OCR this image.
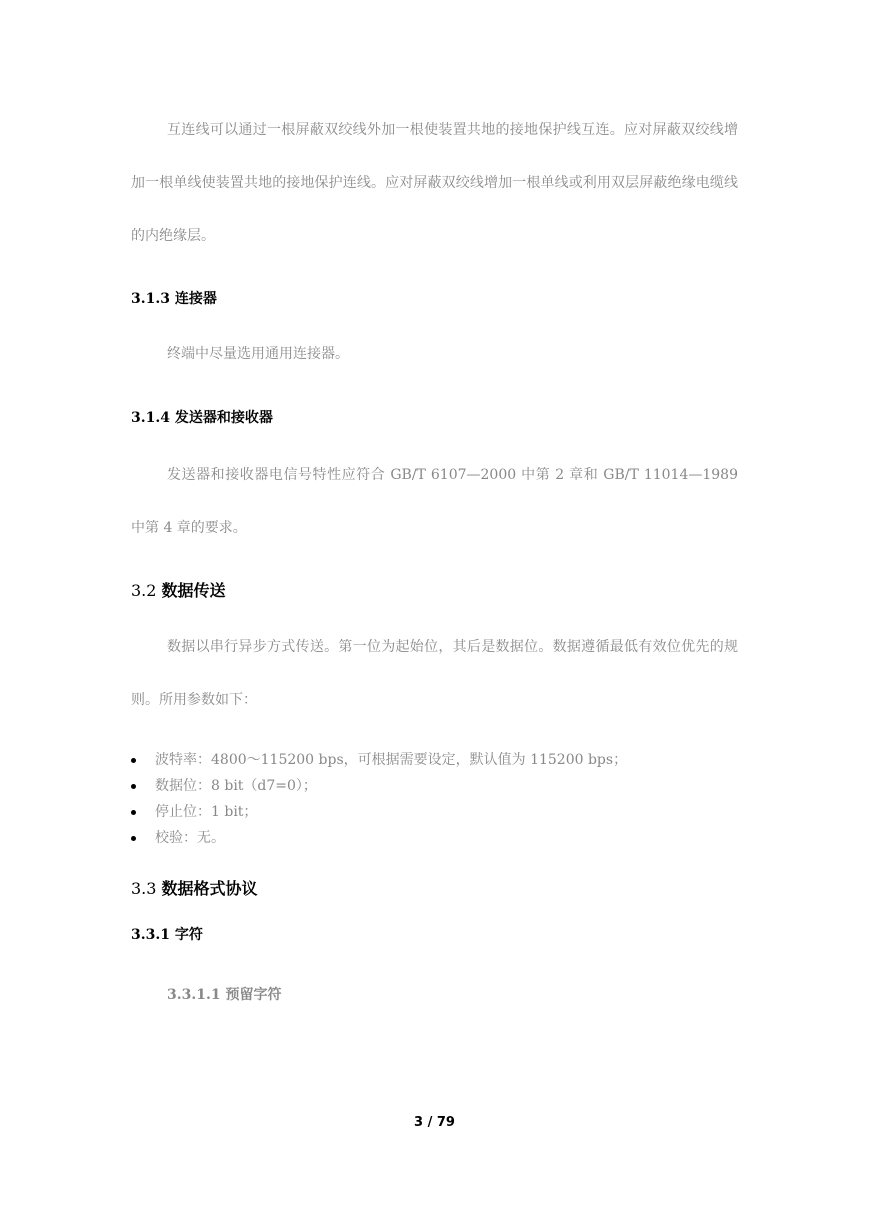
互连线可以通过一根屏蔽双绞线外加一根使装置共地的接地保护线互连。应对屏蔽双绞线增加一根单线使装置共地的接地保护连线。应对屏蔽双绞线增加一根单线或利用双层屏蔽绝缘电缆线的内绝缘层。

3.1.3 连接器

终端中尽量选用通用连接器。

3.1.4 发送器和接收器

发送器和接收器电信号特性应符合 GB/T 6107—2000 中第 2 章和 GB/T 11014—1989 中第 4 章的要求。

3.2 数据传送

数据以串行异步方式传送。第一位为起始位，其后是数据位。数据遵循最低有效位优先的规则。所用参数如下：

波特率：4800～115200 bps，可根据需要设定，默认值为 115200 bps；
数据位：8 bit（d7=0）；
停止位：1 bit；
校验：无。
3.3 数据格式协议
3.3.1 字符
3.3.1.1 预留字符
3 / 79
